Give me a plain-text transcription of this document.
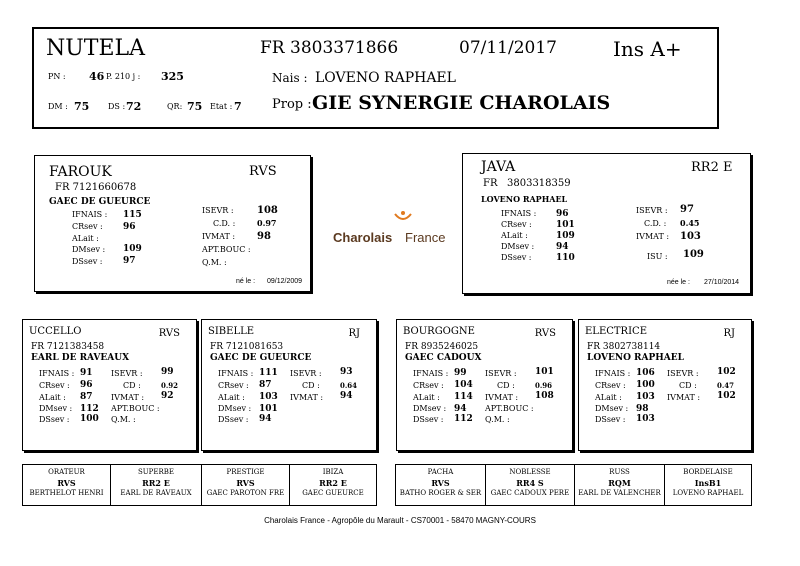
NUTELA	FR 3803371866	07/11/2017	Ins A+
PN : 46 P. 210 j : 325	Nais : LOVENO RAPHAEL
DM : 75 DS : 72	QR: 75 Etat : 7 Prop : GIE SYNERGIE CHAROLAIS
FAROUK	RVS
FR 7121660678
GAEC DE GUEURCE
IFNAIS : 115
CRsev : 96
ALait :
DMsev : 109
DSsev : 97
ISEVR : 108
C.D. :	0.97
IVMAT : 98
APT.BOUC :
Q.M. :
né le : 09/12/2009
Charolais France
JAVA	RR2 E
FR 3803318359
LOVENO RAPHAEL
IFNAIS : 96
CRsev :	101
ALait :	109
DMsev : 94
DSsev :	110
ISEVR : 97
C.D. : 0.45
IVMAT : 103
ISU : 109
née le : 27/10/2014
UCCELLO	RVS
FR 7121383458
EARL DE RAVEAUX
IFNAIS : 91
CRsev : 96
ALait : 87
DMsev : 112
DSsev : 100
ISEVR : 99
CD :	0.92
IVMAT : 92
APT.BOUC :
Q.M. :
SIBELLE	RJ
FR 7121081653
GAEC DE GUEURCE
IFNAIS : 111
CRsev : 87
ALait : 103
DMsev : 101
DSsev : 94
ISEVR : 93
CD :	0.64
IVMAT : 94
BOURGOGNE	RVS
FR 8935246025
GAEC CADOUX
IFNAIS : 99
CRsev : 104
ALait : 114
DMsev : 94
DSsev : 112
ISEVR : 101
CD :	0.96
IVMAT : 108
APT.BOUC :
Q.M. :
ELECTRICE	RJ
FR 3802738114
LOVENO RAPHAEL
IFNAIS : 106
CRsev : 100
ALait : 103
DMsev : 98
DSsev : 103
ISEVR : 102
CD :	0.47
IVMAT : 102
ORATEUR
RVS
BERTHELOT HENRI
SUPERBE
RR2 E
EARL DE RAVEAUX
PRESTIGE
RVS
GAEC PAROTON FRE
IBIZA
RR2 E
GAEC GUEURCE
PACHA
RVS
BATHO ROGER & SER
NOBLESSE
RR4 S
GAEC CADOUX PERE
RUSS
RQM
EARL DE VALENCHER
BORDELAISE
InsB1
LOVENO RAPHAEL
Charolais France - Agropôle du Marault - CS70001 - 58470 MAGNY-COURS
